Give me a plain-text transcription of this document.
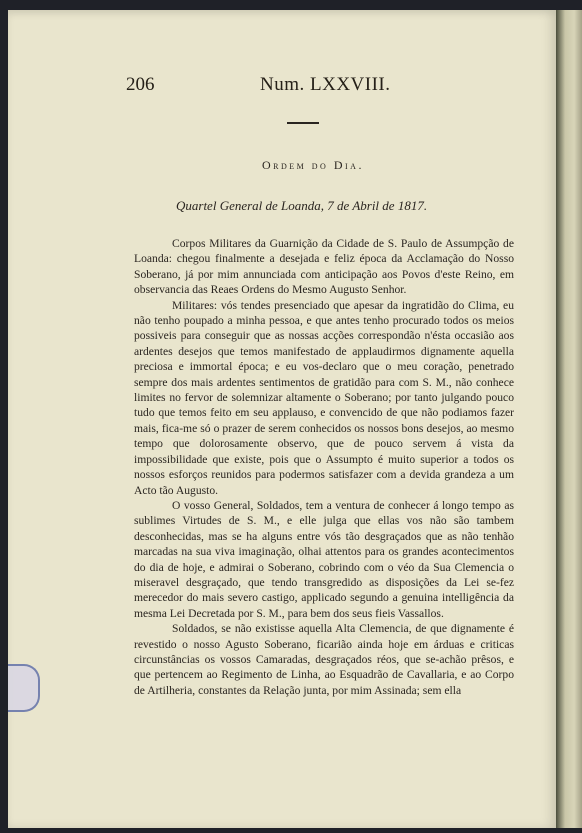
206	Num. LXXVIII.
Ordem do Dia.
Quartel General de Loanda, 7 de Abril de 1817.

Corpos Militares da Guarnição da Cidade de S. Paulo de Assumpção de Loanda: chegou finalmente a desejada e feliz época da Acclamação do Nosso Soberano, já por mim annunciada com anticipação aos Povos d'este Reino, em observancia das Reaes Ordens do Mesmo Augusto Senhor.

Militares: vós tendes presenciado que apesar da ingratidão do Clima, eu não tenho poupado a minha pessoa, e que antes tenho procurado todos os meios possiveis para conseguir que as nossas acções correspondão n'ésta occasião aos ardentes desejos que temos manifestado de applaudirmos dignamente aquella preciosa e immortal época; e eu vos-declaro que o meu coração, penetrado sempre dos mais ardentes sentimentos de gratidão para com S. M., não conhece limites no fervor de solemnizar altamente o Soberano; por tanto julgando pouco tudo que temos feito em seu applauso, e convencido de que não podiamos fazer mais, fica-me só o prazer de serem conhecidos os nossos bons desejos, ao mesmo tempo que dolorosamente observo, que de pouco servem á vista da impossibilidade que existe, pois que o Assumpto é muito superior a todos os nossos esforços reunidos para podermos satisfazer com a devida grandeza a um Acto tão Augusto.

O vosso General, Soldados, tem a ventura de conhecer á longo tempo as sublimes Virtudes de S. M., e elle julga que ellas vos não são tambem desconhecidas, mas se ha alguns entre vós tão desgraçados que as não tenhão marcadas na sua viva imaginação, olhai attentos para os grandes acontecimentos do dia de hoje, e admirai o Soberano, cobrindo com o véo da Sua Clemencia o miseravel desgraçado, que tendo transgredido as disposições da Lei se-fez merecedor do mais severo castigo, applicado segundo a genuina intelligência da mesma Lei Decretada por S. M., para bem dos seus fieis Vassallos.

Soldados, se não existisse aquella Alta Clemencia, de que dignamente é revestido o nosso Agusto Soberano, ficarião ainda hoje em árduas e criticas circunstâncias os vossos Camaradas, desgraçados réos, que se-achão prêsos, e que pertencem ao Regimento de Linha, ao Esquadrão de Cavallaria, e ao Corpo de Artilheria, constantes da Relação junta, por mim Assinada; sem ella
